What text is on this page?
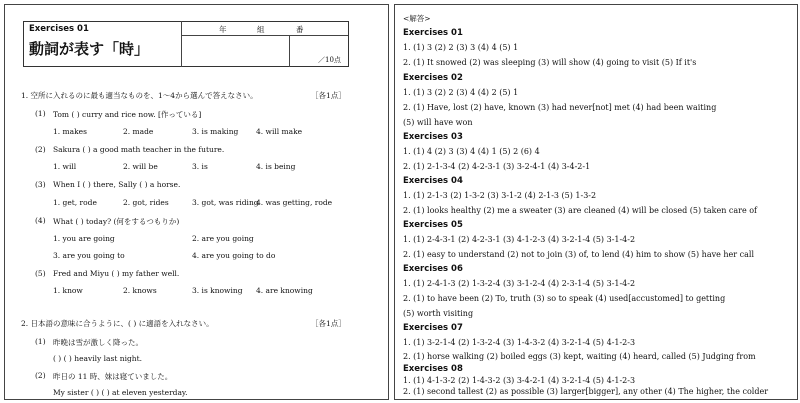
Exercises 01
動詞が表す「時」
年	組	番
／10点
1. 空所に入れるのに最も適当なものを、1～4から選んで答えなさい。	［各1点］
(1) Tom ( ) curry and rice now. [作っている]
1. makes	2. made	3. is making 4. will make
(2) Sakura ( ) a good math teacher in the future.
1. will	2. will be	3. is	4. is being
(3) When I ( ) there, Sally ( ) a horse.
1. get, rode	2. got, rides	3. got, was riding
4. was getting, rode
(4) What ( ) today? (何をするつもりか)
1. you are going	2. are you going
3. are you going to	4. are you going to do
(5) Fred and Miyu ( ) my father well.
1. know	2. knows	3. is knowing 4. are knowing
2. 日本語の意味に合うように、( ) に適語を入れなさい。	［各1点］
(1) 昨晩は雪が激しく降った。
( ) ( ) heavily last night.
(2) 昨日の 11 時、妹は寝ていました。
My sister ( ) ( ) at eleven yesterday.
<解答>
Exercises 01
1. (1) 3 (2) 2 (3) 3 (4) 4 (5) 1
2. (1) It snowed (2) was sleeping (3) will show (4) going to visit (5) If it's
Exercises 02
1. (1) 3 (2) 2 (3) 4 (4) 2 (5) 1
2. (1) Have, lost (2) have, known (3) had never[not] met (4) had been waiting
(5) will have won
Exercises 03
1. (1) 4 (2) 3 (3) 4 (4) 1 (5) 2 (6) 4
2. (1) 2-1-3-4 (2) 4-2-3-1 (3) 3-2-4-1 (4) 3-4-2-1
Exercises 04
1. (1) 2-1-3 (2) 1-3-2 (3) 3-1-2 (4) 2-1-3 (5) 1-3-2
2. (1) looks healthy (2) me a sweater (3) are cleaned (4) will be closed (5) taken care of
Exercises 05
1. (1) 2-4-3-1 (2) 4-2-3-1 (3) 4-1-2-3 (4) 3-2-1-4 (5) 3-1-4-2
2. (1) easy to understand (2) not to join (3) of, to lend (4) him to show (5) have her call
Exercises 06
1. (1) 2-4-1-3 (2) 1-3-2-4 (3) 3-1-2-4 (4) 2-3-1-4 (5) 3-1-4-2
2. (1) to have been (2) To, truth (3) so to speak (4) used[accustomed] to getting
(5) worth visiting
Exercises 07
1. (1) 3-2-1-4 (2) 1-3-2-4 (3) 1-4-3-2 (4) 3-2-1-4 (5) 4-1-2-3
2. (1) horse walking (2) boiled eggs (3) kept, waiting (4) heard, called (5) Judging from
Exercises 08
1. (1) 4-1-3-2 (2) 1-4-3-2 (3) 3-4-2-1 (4) 3-2-1-4 (5) 4-1-2-3
2. (1) second tallest (2) as possible (3) larger[bigger], any other (4) The higher, the colder
